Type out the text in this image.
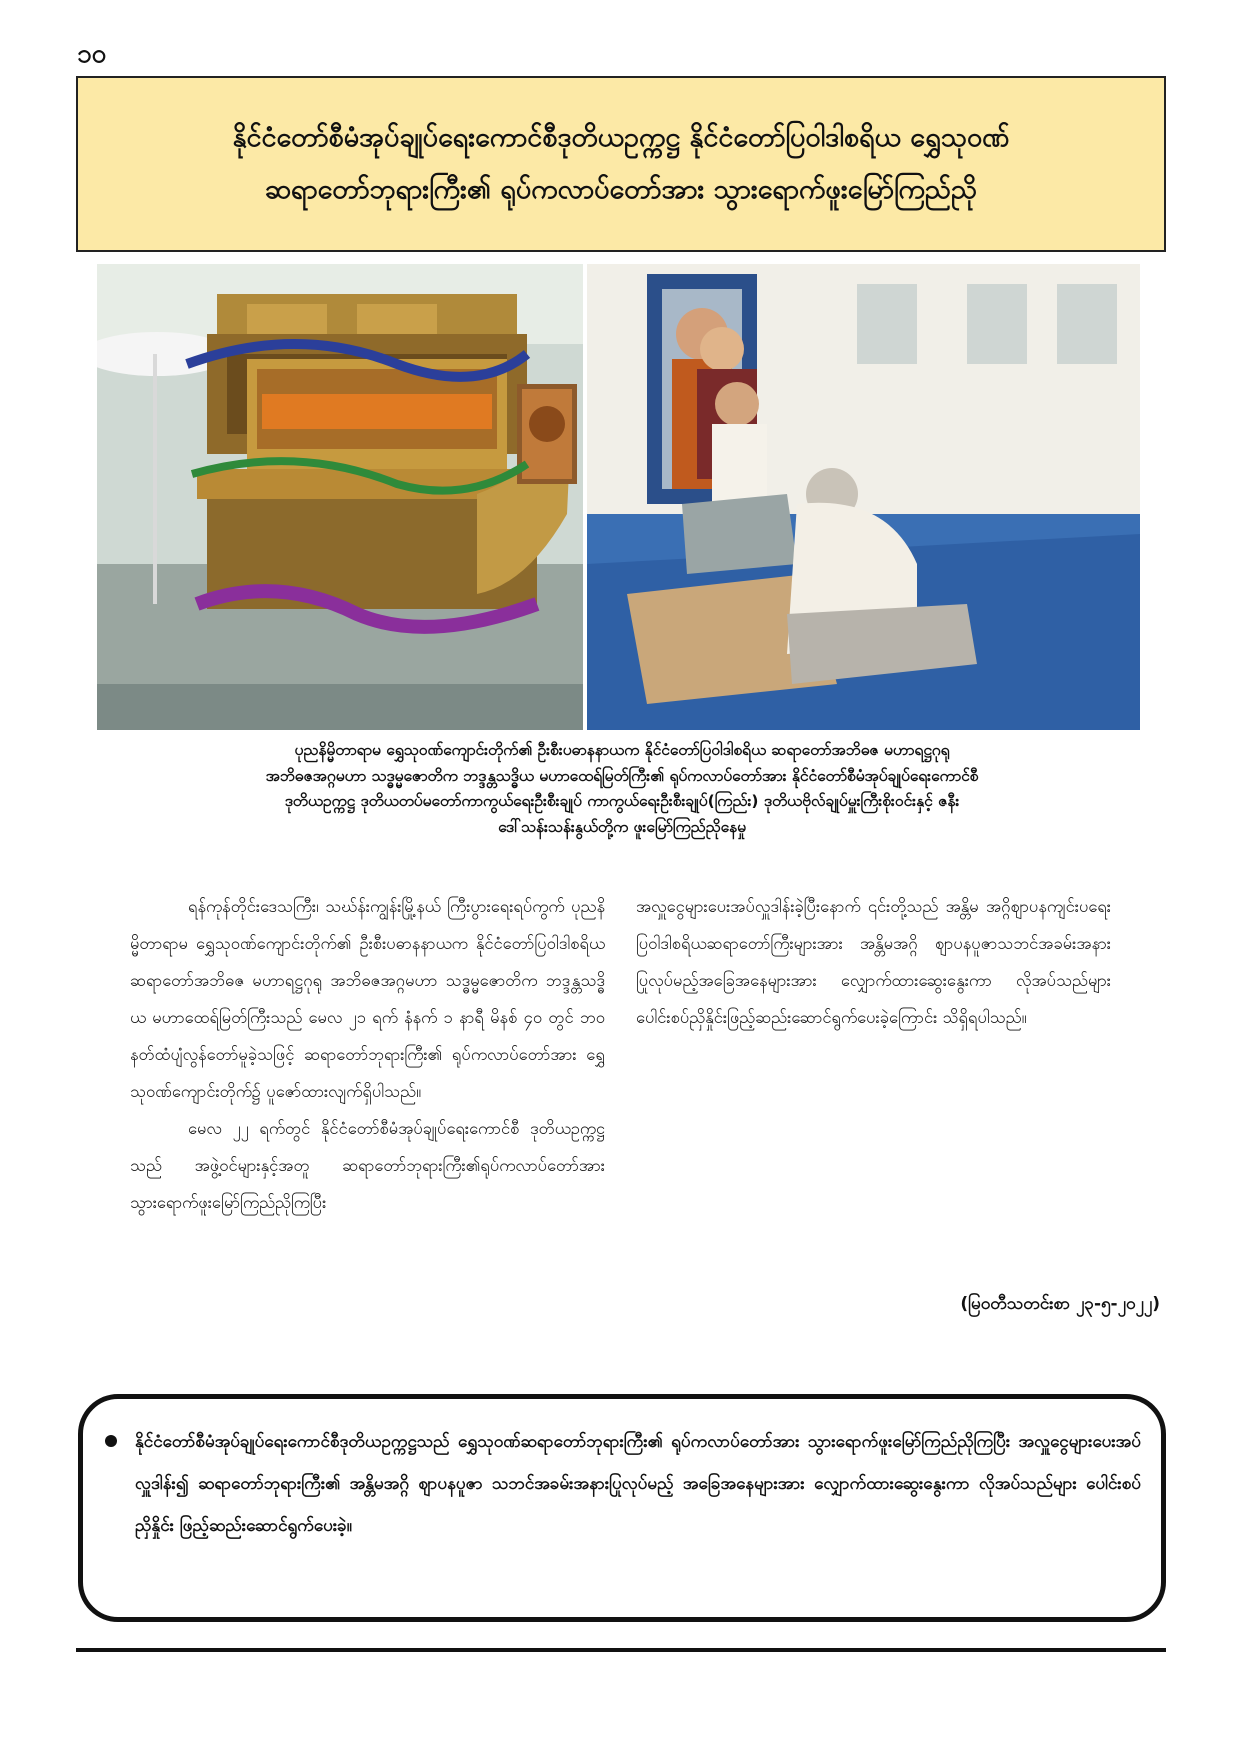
၁၀
နိုင်ငံတော်စီမံအုပ်ချုပ်ရေးကောင်စီဒုတိယဥက္ကဋ္ဌ နိုင်ငံတော်ပြဝါဒါစရိယ ရွှေသုဝဏ်
ဆရာတော်ဘုရားကြီး၏ ရုပ်ကလာပ်တော်အား သွားရောက်ဖူးမြော်ကြည်ညို
ပုညနိမ္မိတာရာမ ရွှေသုဝဏ်ကျောင်းတိုက်၏ ဦးစီးပဓာနနာယက နိုင်ငံတော်ပြဝါဒါစရိယ ဆရာတော်အဘိဓဇ မဟာရဋ္ဌဂုရု
အဘိဓဇအဂ္ဂမဟာ သဒ္ဓမ္မဇောတိက ဘဒ္ဒန္တသဒ္ဓိယ မဟာထေရ်မြတ်ကြီး၏ ရုပ်ကလာပ်တော်အား နိုင်ငံတော်စီမံအုပ်ချုပ်ရေးကောင်စီ
ဒုတိယဥက္ကဋ္ဌ ဒုတိယတပ်မတော်ကာကွယ်ရေးဦးစီးချုပ် ကာကွယ်ရေးဦးစီးချုပ်(ကြည်း) ဒုတိယဗိုလ်ချုပ်မှူးကြီးစိုးဝင်းနှင့် ဇနီး
ဒေါ်သန်းသန်းနွယ်တို့က ဖူးမြော်ကြည်ညိုနေမှု

ရန်ကုန်တိုင်းဒေသကြီး၊ သဃ်န်းကျွန်းမြို့နယ် ကြီးပွားရေးရပ်ကွက် ပုညနိမ္မိတာရာမ ရွှေသုဝဏ်ကျောင်းတိုက်၏ ဦးစီးပဓာနနာယက နိုင်ငံတော်ပြဝါဒါစရိယ ဆရာတော်အဘိဓဇ မဟာရဋ္ဌဂုရု အဘိဓဇအဂ္ဂမဟာ သဒ္ဓမ္မဇောတိက ဘဒ္ဒန္တသဒ္ဓိယ မဟာထေရ်မြတ်ကြီးသည် မေလ ၂၁ ရက် နံနက် ၁ နာရီ မိနစ် ၄၀ တွင် ဘဝနတ်ထံပျံလွန်တော်မူခဲ့သဖြင့် ဆရာတော်ဘုရားကြီး၏ ရုပ်ကလာပ်တော်အား ရွှေသုဝဏ်ကျောင်းတိုက်၌ ပူဇော်ထားလျက်ရှိပါသည်။

မေလ ၂၂ ရက်တွင် နိုင်ငံတော်စီမံအုပ်ချုပ်ရေးကောင်စီ ဒုတိယဥက္ကဋ္ဌသည် အဖွဲ့ဝင်များနှင့်အတူ ဆရာတော်ဘုရားကြီး၏ရုပ်ကလာပ်တော်အား သွားရောက်ဖူးမြော်ကြည်ညိုကြပြီး

အလှူငွေများပေးအပ်လှူဒါန်းခဲ့ပြီးနောက် ၎င်းတို့သည် အန္တိမ အဂ္ဂိဈာပနကျင်းပရေး ပြဝါဒါစရိယဆရာတော်ကြီးများအား အန္တိမအဂ္ဂိ ဈာပနပူဇာသဘင်အခမ်းအနားပြုလုပ်မည့်အခြေအနေများအား လျှောက်ထားဆွေးနွေးကာ လိုအပ်သည်များ ပေါင်းစပ်ညှိနှိုင်းဖြည့်ဆည်းဆောင်ရွက်ပေးခဲ့ကြောင်း သိရှိရပါသည်။

(မြဝတီသတင်းစာ ၂၃-၅-၂၀၂၂)
နိုင်ငံတော်စီမံအုပ်ချုပ်ရေးကောင်စီဒုတိယဥက္ကဋ္ဌသည် ရွှေသုဝဏ်ဆရာတော်ဘုရားကြီး၏ ရုပ်ကလာပ်တော်အား သွားရောက်ဖူးမြော်ကြည်ညိုကြပြီး အလှူငွေများပေးအပ်လှူဒါန်း၍ ဆရာတော်ဘုရားကြီး၏ အန္တိမအဂ္ဂိ ဈာပနပူဇာ သဘင်အခမ်းအနားပြုလုပ်မည့် အခြေအနေများအား လျှောက်ထားဆွေးနွေးကာ လိုအပ်သည်များ ပေါင်းစပ်ညှိနှိုင်း ဖြည့်ဆည်းဆောင်ရွက်ပေးခဲ့။
